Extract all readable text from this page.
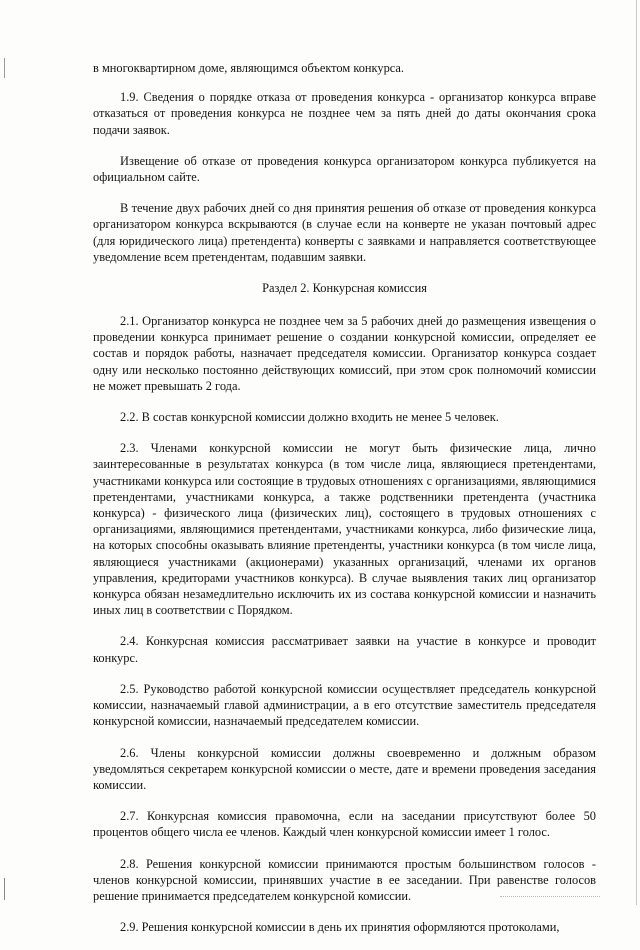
в многоквартирном доме, являющимся объектом конкурса.

1.9. Сведения о порядке отказа от проведения конкурса - организатор конкурса вправе отказаться от проведения конкурса не позднее чем за пять дней до даты окончания срока подачи заявок.

Извещение об отказе от проведения конкурса организатором конкурса публикуется на официальном сайте.

В течение двух рабочих дней со дня принятия решения об отказе от проведения конкурса организатором конкурса вскрываются (в случае если на конверте не указан почтовый адрес (для юридического лица) претендента) конверты с заявками и направляется соответствующее уведомление всем претендентам, подавшим заявки.

Раздел 2. Конкурсная комиссия

2.1. Организатор конкурса не позднее чем за 5 рабочих дней до размещения извещения о проведении конкурса принимает решение о создании конкурсной комиссии, определяет ее состав и порядок работы, назначает председателя комиссии. Организатор конкурса создает одну или несколько постоянно действующих комиссий, при этом срок полномочий комиссии не может превышать 2 года.

2.2. В состав конкурсной комиссии должно входить не менее 5 человек.

2.3. Членами конкурсной комиссии не могут быть физические лица, лично заинтересованные в результатах конкурса (в том числе лица, являющиеся претендентами, участниками конкурса или состоящие в трудовых отношениях с организациями, являющимися претендентами, участниками конкурса, а также родственники претендента (участника конкурса) - физического лица (физических лиц), состоящего в трудовых отношениях с организациями, являющимися претендентами, участниками конкурса, либо физические лица, на которых способны оказывать влияние претенденты, участники конкурса (в том числе лица, являющиеся участниками (акционерами) указанных организаций, членами их органов управления, кредиторами участников конкурса). В случае выявления таких лиц организатор конкурса обязан незамедлительно исключить их из состава конкурсной комиссии и назначить иных лиц в соответствии с Порядком.

2.4. Конкурсная комиссия рассматривает заявки на участие в конкурсе и проводит конкурс.

2.5. Руководство работой конкурсной комиссии осуществляет председатель конкурсной комиссии, назначаемый главой администрации, а в его отсутствие заместитель председателя конкурсной комиссии, назначаемый председателем комиссии.

2.6. Члены конкурсной комиссии должны своевременно и должным образом уведомляться секретарем конкурсной комиссии о месте, дате и времени проведения заседания комиссии.

2.7. Конкурсная комиссия правомочна, если на заседании присутствуют более 50 процентов общего числа ее членов. Каждый член конкурсной комиссии имеет 1 голос.

2.8. Решения конкурсной комиссии принимаются простым большинством голосов - членов конкурсной комиссии, принявших участие в ее заседании. При равенстве голосов решение принимается председателем конкурсной комиссии.

2.9. Решения конкурсной комиссии в день их принятия оформляются протоколами,
